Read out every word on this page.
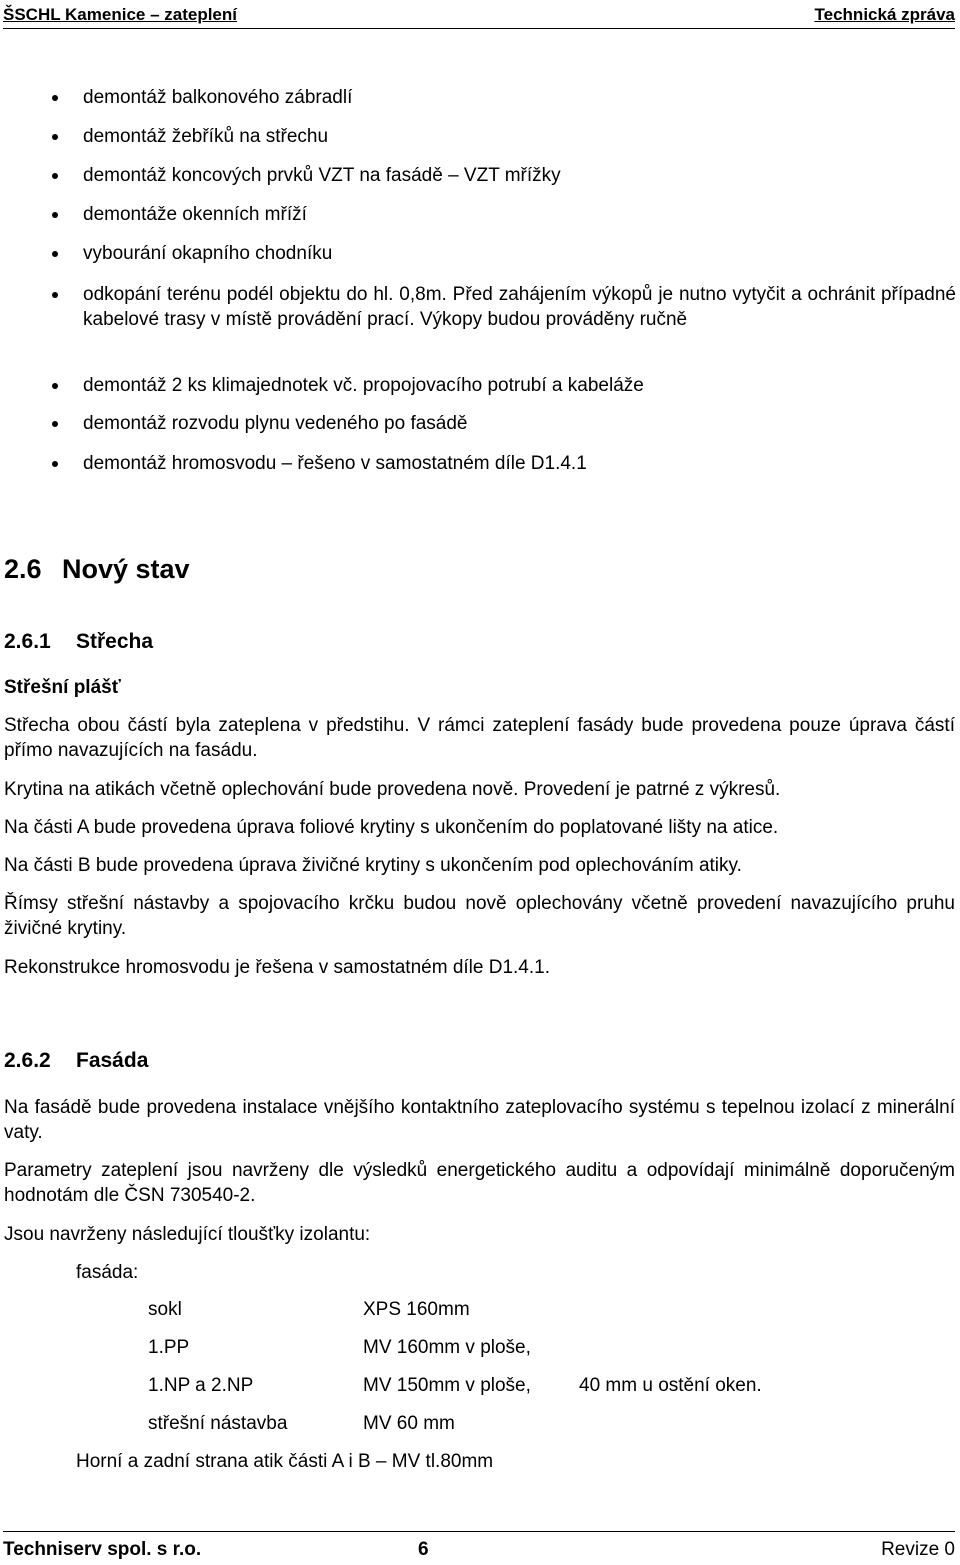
ŠSCHL Kamenice – zateplení	Technická zpráva
demontáž balkonového zábradlí
demontáž žebříků na střechu
demontáž koncových prvků VZT na fasádě – VZT mřížky
demontáže okenních mříží
vybourání okapního chodníku
odkopání terénu podél objektu do hl. 0,8m. Před zahájením výkopů je nutno vytyčit a ochránit případné kabelové trasy v místě provádění prací. Výkopy budou prováděny ručně
demontáž 2 ks klimajednotek vč. propojovacího potrubí a kabeláže
demontáž rozvodu plynu vedeného po fasádě
demontáž hromosvodu – řešeno v samostatném díle D1.4.1
2.6 Nový stav
2.6.1 Střecha
Střešní plášť
Střecha obou částí byla zateplena v předstihu. V rámci zateplení fasády bude provedena pouze úprava částí přímo navazujících na fasádu.
Krytina na atikách včetně oplechování bude provedena nově. Provedení je patrné z výkresů.
Na části A bude provedena úprava foliové krytiny s ukončením do poplatované lišty na atice.
Na části B bude provedena úprava živičné krytiny s ukončením pod oplechováním atiky.
Římsy střešní nástavby a spojovacího krčku budou nově oplechovány včetně provedení navazujícího pruhu živičné krytiny.
Rekonstrukce hromosvodu je řešena v samostatném díle D1.4.1.
2.6.2 Fasáda
Na fasádě bude provedena instalace vnějšího kontaktního zateplovacího systému s tepelnou izolací z minerální vaty.
Parametry zateplení jsou navrženy dle výsledků energetického auditu a odpovídají minimálně doporučeným hodnotám dle ČSN 730540-2.
Jsou navrženy následující tloušťky izolantu:
fasáda:
sokl	XPS 160mm
1.PP	MV 160mm v ploše,
1.NP a 2.NP	MV 150mm v ploše,	40 mm u ostění oken.
střešní nástavba	MV 60 mm
Horní a zadní strana atik části A i B – MV tl.80mm
Techniserv spol. s r.o.	6	Revize 0
